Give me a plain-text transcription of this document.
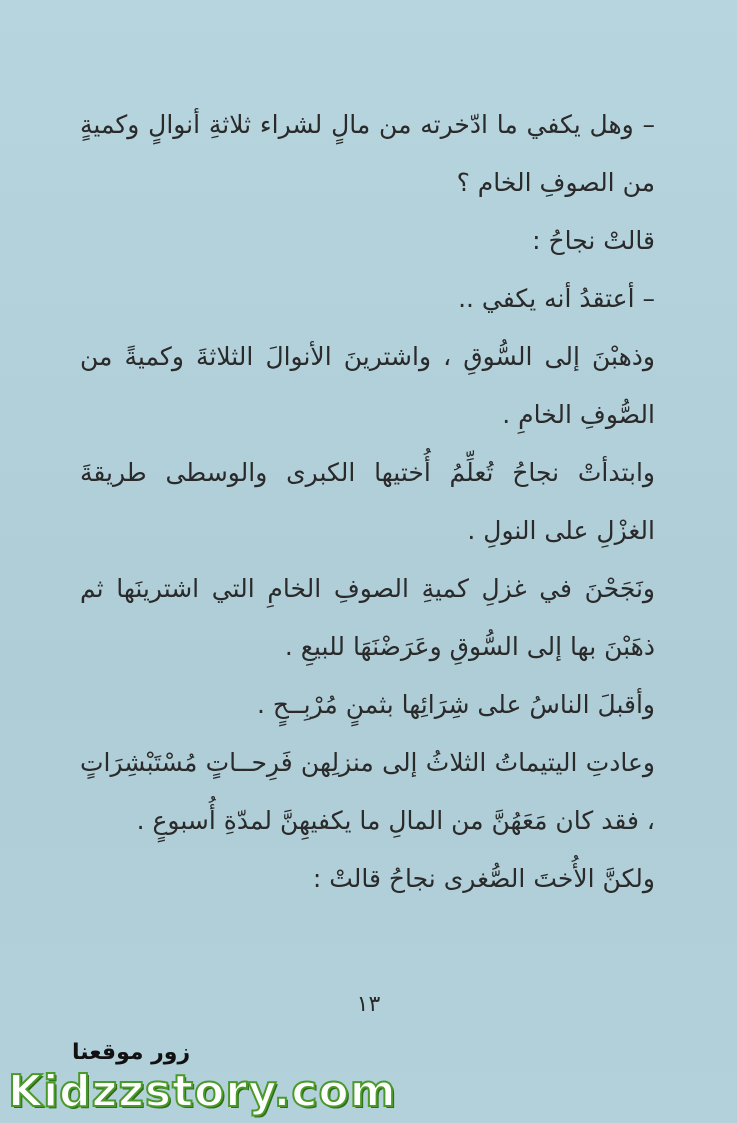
– وهل يكفي ما ادّخرته من مالٍ لشراء ثلاثةِ أنوالٍ وكميةٍ من الصوفِ الخام ؟

قالتْ نجاحُ :

– أعتقدُ أنه يكفي ..

وذهبْنَ إلى السُّوقِ ، واشترينَ الأنوالَ الثلاثةَ وكميةً من الصُّوفِ الخامِ .

وابتدأتْ نجاحُ تُعلِّمُ أُختيها الكبرى والوسطى طريقةَ الغزْلِ على النولِ .

ونَجَحْنَ في غزلِ كميةِ الصوفِ الخامِ التي اشترينَها ثم ذهَبْنَ بها إلى السُّوقِ وعَرَضْنَهَا للبيعِ .

وأقبلَ الناسُ على شِرَائِها بثمنٍ مُرْبِــحٍ .

وعادتِ اليتيماتُ الثلاثُ إلى منزلِهن فَرِحــاتٍ مُسْتَبْشِرَاتٍ ، فقد كان مَعَهُنَّ من المالِ ما يكفيهِنَّ لمدّةِ أُسبوعٍ .

ولكنَّ الأُختَ الصُّغرى نجاحُ قالتْ :

١٣
زور موقعنا
Kidzzstory.com
